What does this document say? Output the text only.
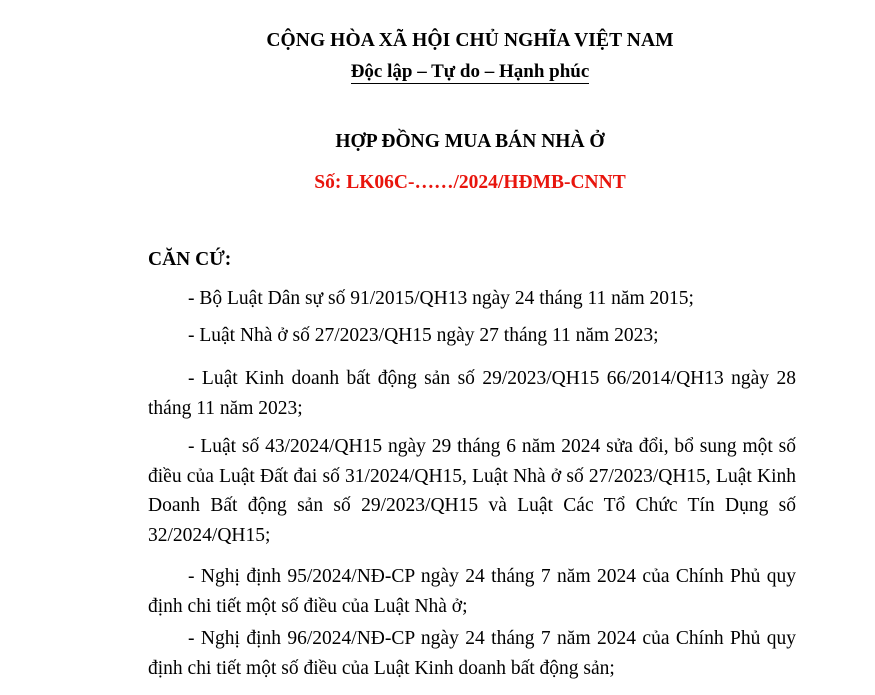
CỘNG HÒA XÃ HỘI CHỦ NGHĨA VIỆT NAM
Độc lập – Tự do – Hạnh phúc
HỢP ĐỒNG MUA BÁN NHÀ Ở
Số: LK06C-……/2024/HĐMB-CNNT
CĂN CỨ:

- Bộ Luật Dân sự số 91/2015/QH13 ngày 24 tháng 11 năm 2015;

- Luật Nhà ở số 27/2023/QH15 ngày 27 tháng 11 năm 2023;

- Luật Kinh doanh bất động sản số 29/2023/QH15 66/2014/QH13 ngày 28 tháng 11 năm 2023;

- Luật số 43/2024/QH15 ngày 29 tháng 6 năm 2024 sửa đổi, bổ sung một số điều của Luật Đất đai số 31/2024/QH15, Luật Nhà ở số 27/2023/QH15, Luật Kinh Doanh Bất động sản số 29/2023/QH15 và Luật Các Tổ Chức Tín Dụng số 32/2024/QH15;

- Nghị định 95/2024/NĐ-CP ngày 24 tháng 7 năm 2024 của Chính Phủ quy định chi tiết một số điều của Luật Nhà ở;

- Nghị định 96/2024/NĐ-CP ngày 24 tháng 7 năm 2024 của Chính Phủ quy định chi tiết một số điều của Luật Kinh doanh bất động sản;
